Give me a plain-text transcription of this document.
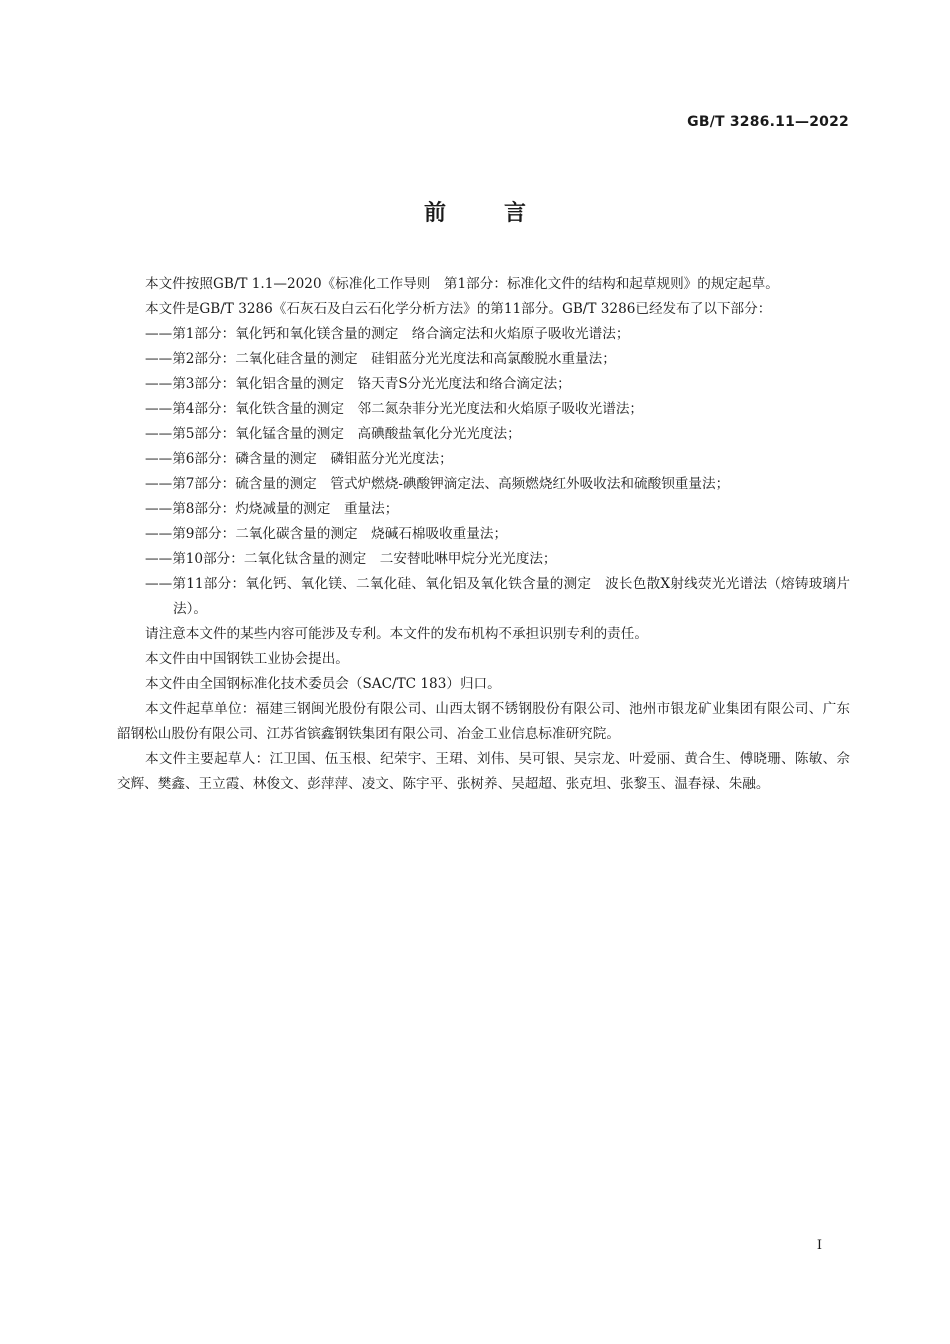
GB/T 3286.11—2022
前言

本文件按照GB/T 1.1—2020《标准化工作导则　第1部分：标准化文件的结构和起草规则》的规定起草。

本文件是GB/T 3286《石灰石及白云石化学分析方法》的第11部分。GB/T 3286已经发布了以下部分：

——第1部分：氧化钙和氧化镁含量的测定　络合滴定法和火焰原子吸收光谱法；

——第2部分：二氧化硅含量的测定　硅钼蓝分光光度法和高氯酸脱水重量法；

——第3部分：氧化铝含量的测定　铬天青S分光光度法和络合滴定法；

——第4部分：氧化铁含量的测定　邻二氮杂菲分光光度法和火焰原子吸收光谱法；

——第5部分：氧化锰含量的测定　高碘酸盐氧化分光光度法；

——第6部分：磷含量的测定　磷钼蓝分光光度法；

——第7部分：硫含量的测定　管式炉燃烧-碘酸钾滴定法、高频燃烧红外吸收法和硫酸钡重量法；

——第8部分：灼烧减量的测定　重量法；

——第9部分：二氧化碳含量的测定　烧碱石棉吸收重量法；

——第10部分：二氧化钛含量的测定　二安替吡啉甲烷分光光度法；

——第11部分：氧化钙、氧化镁、二氧化硅、氧化铝及氧化铁含量的测定　波长色散X射线荧光光谱法（熔铸玻璃片法）。

请注意本文件的某些内容可能涉及专利。本文件的发布机构不承担识别专利的责任。

本文件由中国钢铁工业协会提出。

本文件由全国钢标准化技术委员会（SAC/TC 183）归口。

本文件起草单位：福建三钢闽光股份有限公司、山西太钢不锈钢股份有限公司、池州市银龙矿业集团有限公司、广东韶钢松山股份有限公司、江苏省镔鑫钢铁集团有限公司、冶金工业信息标准研究院。

本文件主要起草人：江卫国、伍玉根、纪荣宇、王珺、刘伟、吴可银、吴宗龙、叶爱丽、黄合生、傅晓珊、陈敏、佘交辉、樊鑫、王立霞、林俊文、彭萍萍、凌文、陈宇平、张树养、吴超超、张克坦、张黎玉、温春禄、朱融。

I
